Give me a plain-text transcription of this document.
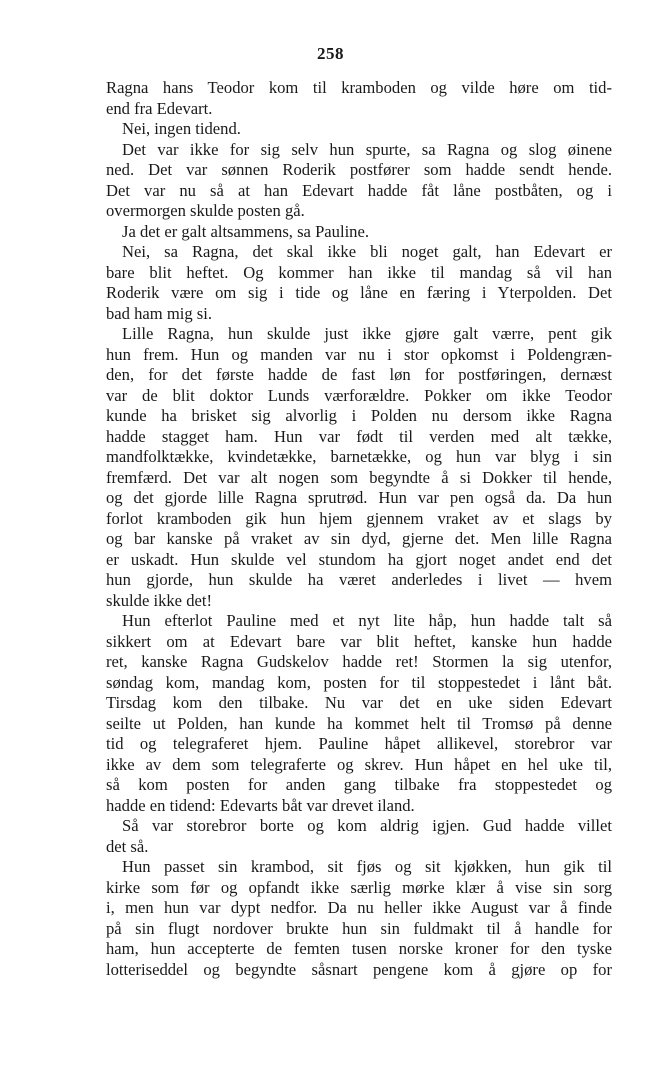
258
Ragna hans Teodor kom til kramboden og vilde høre om tid-
end fra Edevart.
Nei, ingen tidend.
Det var ikke for sig selv hun spurte, sa Ragna og slog øinene
ned. Det var sønnen Roderik postfører som hadde sendt hende.
Det var nu så at han Edevart hadde fåt låne postbåten, og i
overmorgen skulde posten gå.
Ja det er galt altsammens, sa Pauline.
Nei, sa Ragna, det skal ikke bli noget galt, han Edevart er
bare blit heftet. Og kommer han ikke til mandag så vil han
Roderik være om sig i tide og låne en færing i Yterpolden. Det
bad ham mig si.
Lille Ragna, hun skulde just ikke gjøre galt værre, pent gik
hun frem. Hun og manden var nu i stor opkomst i Poldengræn-
den, for det første hadde de fast løn for postføringen, dernæst
var de blit doktor Lunds værforældre. Pokker om ikke Teodor
kunde ha brisket sig alvorlig i Polden nu dersom ikke Ragna
hadde stagget ham. Hun var født til verden med alt tække,
mandfolktække, kvindetække, barnetække, og hun var blyg i sin
fremfærd. Det var alt nogen som begyndte å si Dokker til hende,
og det gjorde lille Ragna sprutrød. Hun var pen også da. Da hun
forlot kramboden gik hun hjem gjennem vraket av et slags by
og bar kanske på vraket av sin dyd, gjerne det. Men lille Ragna
er uskadt. Hun skulde vel stundom ha gjort noget andet end det
hun gjorde, hun skulde ha været anderledes i livet — hvem
skulde ikke det!
Hun efterlot Pauline med et nyt lite håp, hun hadde talt så
sikkert om at Edevart bare var blit heftet, kanske hun hadde
ret, kanske Ragna Gudskelov hadde ret! Stormen la sig utenfor,
søndag kom, mandag kom, posten for til stoppestedet i lånt båt.
Tirsdag kom den tilbake. Nu var det en uke siden Edevart
seilte ut Polden, han kunde ha kommet helt til Tromsø på denne
tid og telegraferet hjem. Pauline håpet allikevel, storebror var
ikke av dem som telegraferte og skrev. Hun håpet en hel uke til,
så kom posten for anden gang tilbake fra stoppestedet og
hadde en tidend: Edevarts båt var drevet iland.
Så var storebror borte og kom aldrig igjen. Gud hadde villet
det så.
Hun passet sin krambod, sit fjøs og sit kjøkken, hun gik til
kirke som før og opfandt ikke særlig mørke klær å vise sin sorg
i, men hun var dypt nedfor. Da nu heller ikke August var å finde
på sin flugt nordover brukte hun sin fuldmakt til å handle for
ham, hun accepterte de femten tusen norske kroner for den tyske
lotteriseddel og begyndte såsnart pengene kom å gjøre op for
